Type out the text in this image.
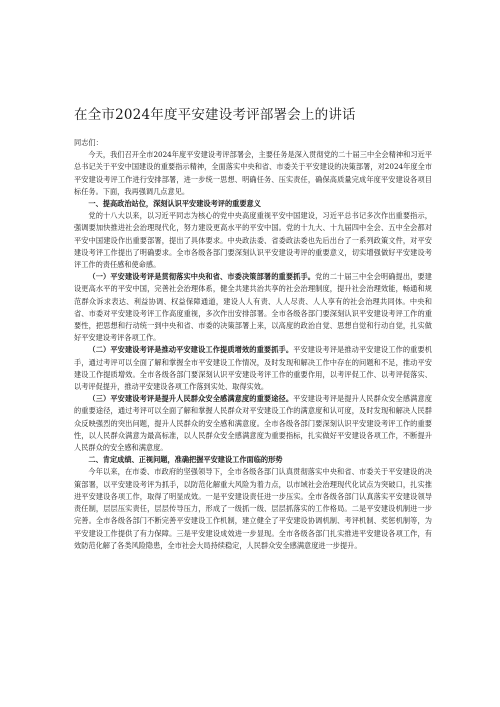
在全市2024年度平安建设考评部署会上的讲话

同志们：

今天，我们召开全市2024年度平安建设考评部署会，主要任务是深入贯彻党的二十届三中全会精神和习近平总书记关于平安中国建设的重要指示精神，全面落实中央和省、市委关于平安建设的决策部署，对2024年度全市平安建设考评工作进行安排部署，进一步统一思想、明确任务、压实责任，确保高质量完成年度平安建设各项目标任务。下面，我再强调几点意见。

一、提高政治站位，深刻认识平安建设考评的重要意义

党的十八大以来，以习近平同志为核心的党中央高度重视平安中国建设，习近平总书记多次作出重要指示，强调要加快推进社会治理现代化，努力建设更高水平的平安中国。党的十九大、十九届四中全会、五中全会都对平安中国建设作出重要部署，提出了具体要求。中央政法委、省委政法委也先后出台了一系列政策文件，对平安建设考评工作提出了明确要求。全市各级各部门要深刻认识平安建设考评的重要意义，切实增强做好平安建设考评工作的责任感和使命感。

（一）平安建设考评是贯彻落实中央和省、市委决策部署的重要抓手。党的二十届三中全会明确提出，要建设更高水平的平安中国，完善社会治理体系，健全共建共治共享的社会治理制度，提升社会治理效能，畅通和规范群众诉求表达、利益协调、权益保障通道，建设人人有责、人人尽责、人人享有的社会治理共同体。中央和省、市委对平安建设考评工作高度重视，多次作出安排部署。全市各级各部门要深刻认识平安建设考评工作的重要性，把思想和行动统一到中央和省、市委的决策部署上来，以高度的政治自觉、思想自觉和行动自觉，扎实做好平安建设考评各项工作。

（二）平安建设考评是推动平安建设工作提质增效的重要抓手。平安建设考评是推动平安建设工作的重要机手，通过考评可以全面了解和掌握全市平安建设工作情况，及时发现和解决工作中存在的问题和不足，推动平安建设工作提质增效。全市各级各部门要深刻认识平安建设考评工作的重要作用，以考评促工作、以考评促落实、以考评促提升，推动平安建设各项工作落到实处、取得实效。

（三）平安建设考评是提升人民群众安全感满意度的重要途径。平安建设考评是提升人民群众安全感满意度的重要途径，通过考评可以全面了解和掌握人民群众对平安建设工作的满意度和认可度，及时发现和解决人民群众反映强烈的突出问题，提升人民群众的安全感和满意度。全市各级各部门要深刻认识平安建设考评工作的重要性，以人民群众满意为最高标准，以人民群众安全感满意度为重要指标，扎实做好平安建设各项工作，不断提升人民群众的安全感和满意度。

二、肯定成绩、正视问题，准确把握平安建设工作面临的形势

今年以来，在市委、市政府的坚强领导下，全市各级各部门认真贯彻落实中央和省、市委关于平安建设的决策部署，以平安建设考评为抓手，以防范化解重大风险为着力点，以市域社会治理现代化试点为突破口，扎实推进平安建设各项工作，取得了明显成效。一是平安建设责任进一步压实。全市各级各部门认真落实平安建设领导责任制，层层压实责任，层层传导压力，形成了一级抓一级、层层抓落实的工作格局。二是平安建设机制进一步完善。全市各级各部门不断完善平安建设工作机制，建立健全了平安建设协调机制、考评机制、奖惩机制等，为平安建设工作提供了有力保障。三是平安建设成效进一步显现。全市各级各部门扎实推进平安建设各项工作，有效防范化解了各类风险隐患，全市社会大局持续稳定，人民群众安全感满意度进一步提升。
